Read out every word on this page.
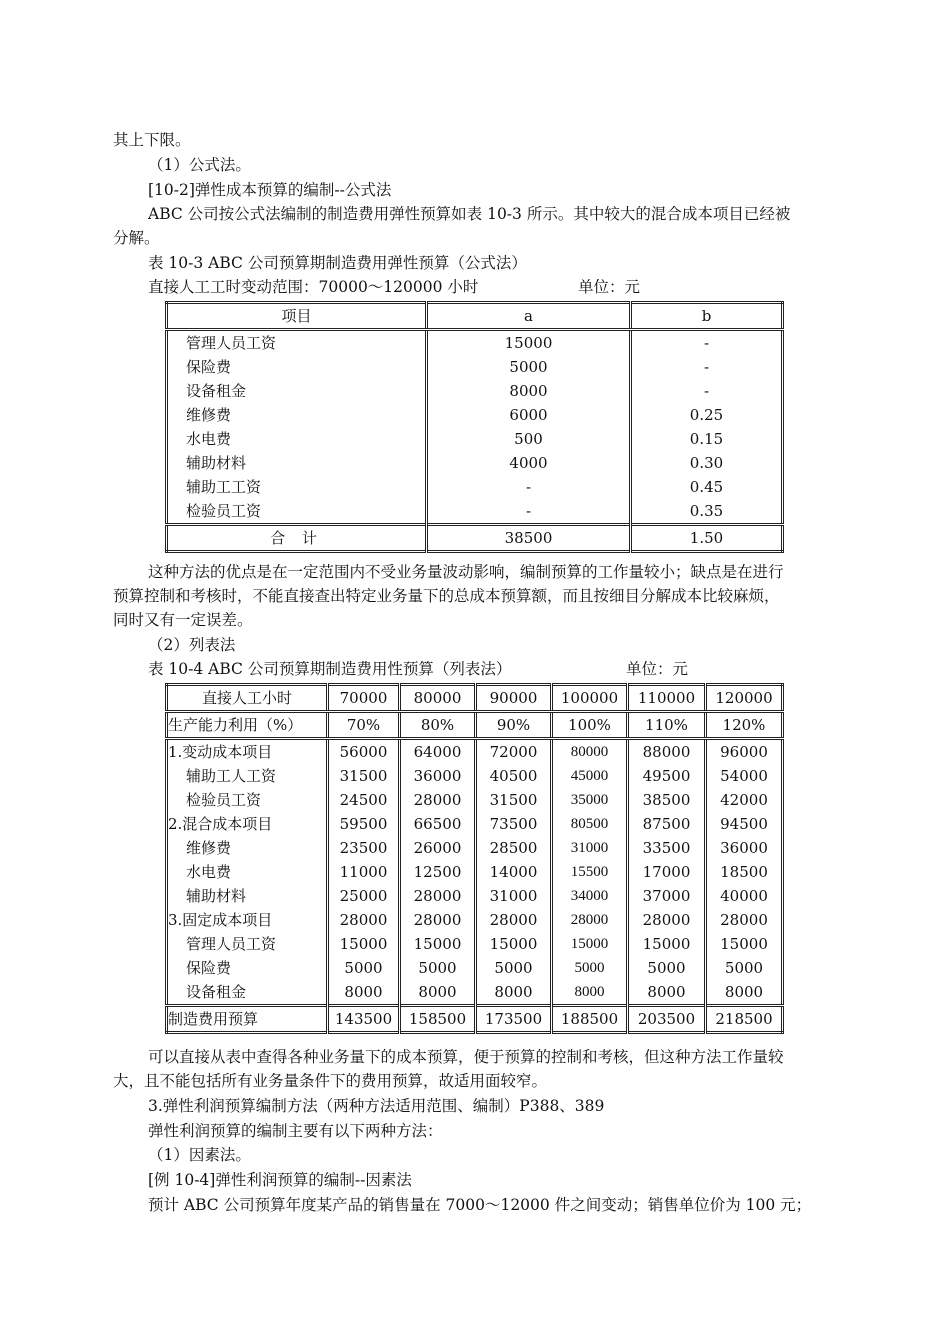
其上下限。
（1）公式法。
[10-2]弹性成本预算的编制--公式法
ABC 公司按公式法编制的制造费用弹性预算如表 10-3 所示。其中较大的混合成本项目已经被
分解。
表 10-3 ABC 公司预算期制造费用弹性预算（公式法）
直接人工工时变动范围：70000～120000 小时	单位：元
项目	a	b
管理人员工资	15000	-
保险费	5000	-
设备租金	8000	-
维修费	6000	0.25
水电费	500	0.15
辅助材料	4000	0.30
辅助工工资	-	0.45
检验员工资	-	0.35
合 计	38500	1.50
这种方法的优点是在一定范围内不受业务量波动影响，编制预算的工作量较小；缺点是在进行
预算控制和考核时，不能直接查出特定业务量下的总成本预算额，而且按细目分解成本比较麻烦，
同时又有一定误差。
（2）列表法
表 10-4 ABC 公司预算期制造费用性预算（列表法）	单位：元
直接人工小时	70000	80000	90000	100000	110000	120000
生产能力利用（%）	70%	80%	90%	100%	110%	120%
1.变动成本项目	56000	64000	72000	80000	88000	96000
辅助工人工资	31500	36000	40500	45000	49500	54000
检验员工资	24500	28000	31500	35000	38500	42000
2.混合成本项目	59500	66500	73500	80500	87500	94500
维修费	23500	26000	28500	31000	33500	36000
水电费	11000	12500	14000	15500	17000	18500
辅助材料	25000	28000	31000	34000	37000	40000
3.固定成本项目	28000	28000	28000	28000	28000	28000
管理人员工资	15000	15000	15000	15000	15000	15000
保险费	5000	5000	5000	5000	5000	5000
设备租金	8000	8000	8000	8000	8000	8000
制造费用预算	143500	158500	173500	188500	203500	218500
可以直接从表中查得各种业务量下的成本预算，便于预算的控制和考核，但这种方法工作量较
大，且不能包括所有业务量条件下的费用预算，故适用面较窄。
3.弹性利润预算编制方法（两种方法适用范围、编制）P388、389
弹性利润预算的编制主要有以下两种方法：
（1）因素法。
[例 10-4]弹性利润预算的编制--因素法
预计 ABC 公司预算年度某产品的销售量在 7000～12000 件之间变动；销售单位价为 100 元；
